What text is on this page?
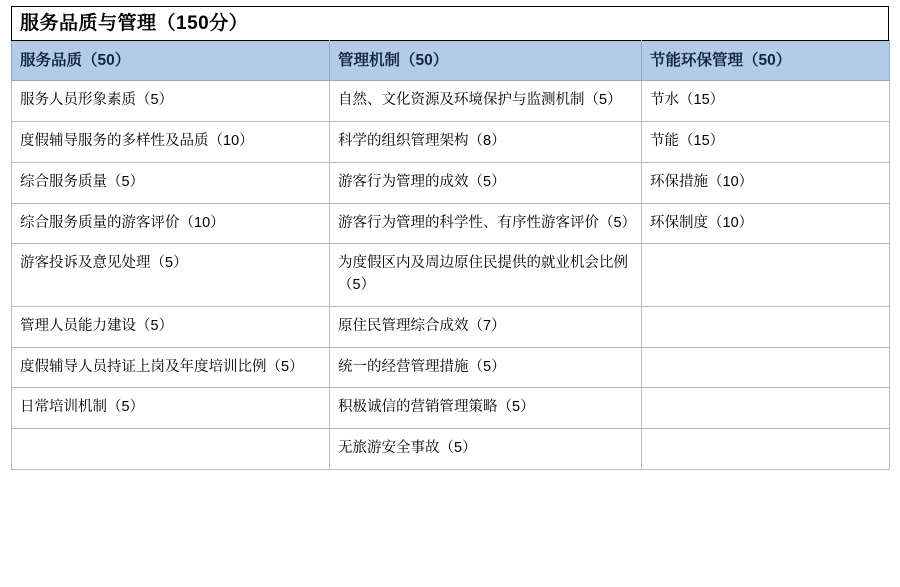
服务品质与管理（150分）
服务品质（50）	管理机制（50）	节能环保管理（50）

服务人员形象素质（5）	自然、文化资源及环境保护与监测机制（5）	节水（15）

度假辅导服务的多样性及品质（10）	科学的组织管理架构（8）	节能（15）

综合服务质量（5）	游客行为管理的成效（5）	环保措施（10）

综合服务质量的游客评价（10）	游客行为管理的科学性、有序性游客评价（5）	环保制度（10）

游客投诉及意见处理（5）	为度假区内及周边原住民提供的就业机会比例（5）	

管理人员能力建设（5）	原住民管理综合成效（7）	

度假辅导人员持证上岗及年度培训比例（5）	统一的经营管理措施（5）	

日常培训机制（5）	积极诚信的营销管理策略（5）	

	无旅游安全事故（5）	
